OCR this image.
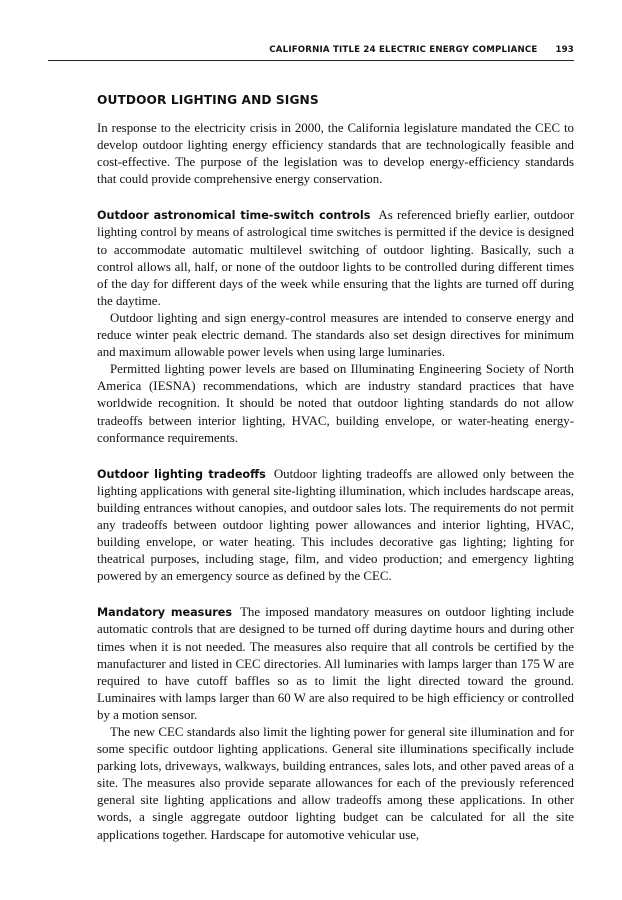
CALIFORNIA TITLE 24 ELECTRIC ENERGY COMPLIANCE 193
OUTDOOR LIGHTING AND SIGNS

In response to the electricity crisis in 2000, the California legislature mandated the CEC to develop outdoor lighting energy efficiency standards that are technologically feasible and cost-effective. The purpose of the legislation was to develop energy-efficiency standards that could provide comprehensive energy conservation.

Outdoor astronomical time-switch controls As referenced briefly earlier, outdoor lighting control by means of astrological time switches is permitted if the device is designed to accommodate automatic multilevel switching of outdoor lighting. Basically, such a control allows all, half, or none of the outdoor lights to be controlled during different times of the day for different days of the week while ensuring that the lights are turned off during the daytime.

Outdoor lighting and sign energy-control measures are intended to conserve energy and reduce winter peak electric demand. The standards also set design directives for minimum and maximum allowable power levels when using large luminaries.

Permitted lighting power levels are based on Illuminating Engineering Society of North America (IESNA) recommendations, which are industry standard practices that have worldwide recognition. It should be noted that outdoor lighting standards do not allow tradeoffs between interior lighting, HVAC, building envelope, or water-heating energy-conformance requirements.

Outdoor lighting tradeoffs Outdoor lighting tradeoffs are allowed only between the lighting applications with general site-lighting illumination, which includes hardscape areas, building entrances without canopies, and outdoor sales lots. The requirements do not permit any tradeoffs between outdoor lighting power allowances and interior lighting, HVAC, building envelope, or water heating. This includes decorative gas lighting; lighting for theatrical purposes, including stage, film, and video production; and emergency lighting powered by an emergency source as defined by the CEC.

Mandatory measures The imposed mandatory measures on outdoor lighting include automatic controls that are designed to be turned off during daytime hours and during other times when it is not needed. The measures also require that all controls be certified by the manufacturer and listed in CEC directories. All luminaries with lamps larger than 175 W are required to have cutoff baffles so as to limit the light directed toward the ground. Luminaires with lamps larger than 60 W are also required to be high efficiency or controlled by a motion sensor.

The new CEC standards also limit the lighting power for general site illumination and for some specific outdoor lighting applications. General site illuminations specifically include parking lots, driveways, walkways, building entrances, sales lots, and other paved areas of a site. The measures also provide separate allowances for each of the previously referenced general site lighting applications and allow tradeoffs among these applications. In other words, a single aggregate outdoor lighting budget can be calculated for all the site applications together. Hardscape for automotive vehicular use,
